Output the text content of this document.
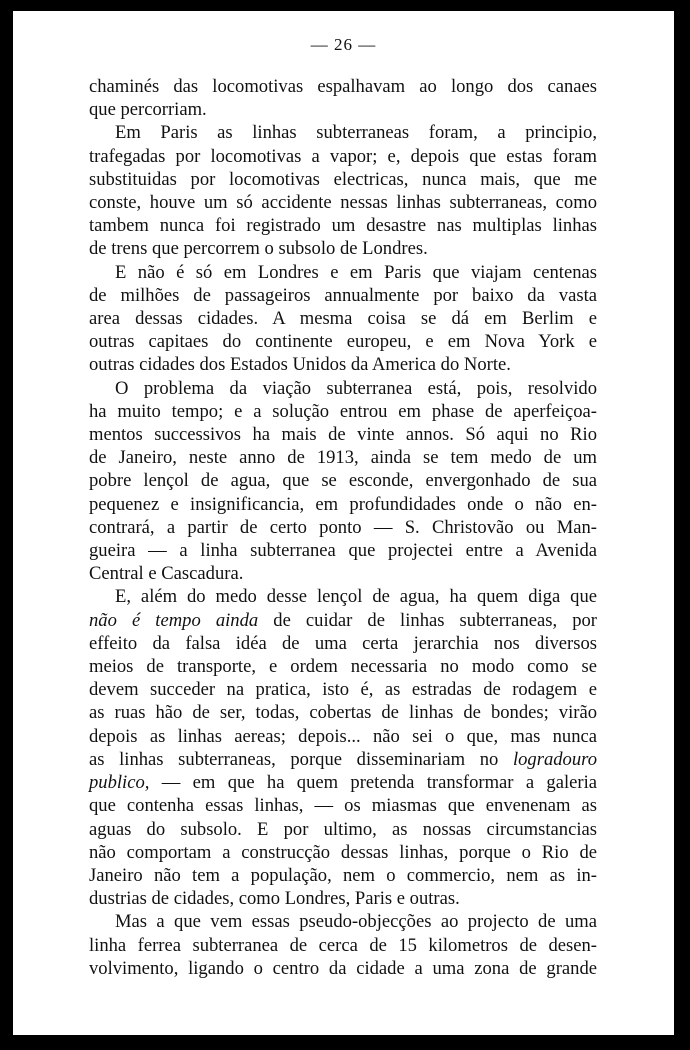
— 26 —

chaminés das locomotivas espalhavam ao longo dos canaes
que percorriam.

Em Paris as linhas subterraneas foram, a principio,
trafegadas por locomotivas a vapor; e, depois que estas foram
substituidas por locomotivas electricas, nunca mais, que me
conste, houve um só accidente nessas linhas subterraneas, como
tambem nunca foi registrado um desastre nas multiplas linhas
de trens que percorrem o subsolo de Londres.

E não é só em Londres e em Paris que viajam centenas
de milhões de passageiros annualmente por baixo da vasta
area dessas cidades. A mesma coisa se dá em Berlim e
outras capitaes do continente europeu, e em Nova York e
outras cidades dos Estados Unidos da America do Norte.

O problema da viação subterranea está, pois, resolvido
ha muito tempo; e a solução entrou em phase de aperfeiçoa-
mentos successivos ha mais de vinte annos. Só aqui no Rio
de Janeiro, neste anno de 1913, ainda se tem medo de um
pobre lençol de agua, que se esconde, envergonhado de sua
pequenez e insignificancia, em profundidades onde o não en-
contrará, a partir de certo ponto — S. Christovão ou Man-
gueira — a linha subterranea que projectei entre a Avenida
Central e Cascadura.

E, além do medo desse lençol de agua, ha quem diga que
não é tempo ainda de cuidar de linhas subterraneas, por
effeito da falsa idéa de uma certa jerarchia nos diversos
meios de transporte, e ordem necessaria no modo como se
devem succeder na pratica, isto é, as estradas de rodagem e
as ruas hão de ser, todas, cobertas de linhas de bondes; virão
depois as linhas aereas; depois... não sei o que, mas nunca
as linhas subterraneas, porque disseminariam no logradouro
publico, — em que ha quem pretenda transformar a galeria
que contenha essas linhas, — os miasmas que envenenam as
aguas do subsolo. E por ultimo, as nossas circumstancias
não comportam a construcção dessas linhas, porque o Rio de
Janeiro não tem a população, nem o commercio, nem as in-
dustrias de cidades, como Londres, Paris e outras.

Mas a que vem essas pseudo-objecções ao projecto de uma
linha ferrea subterranea de cerca de 15 kilometros de desen-
volvimento, ligando o centro da cidade a uma zona de grande
